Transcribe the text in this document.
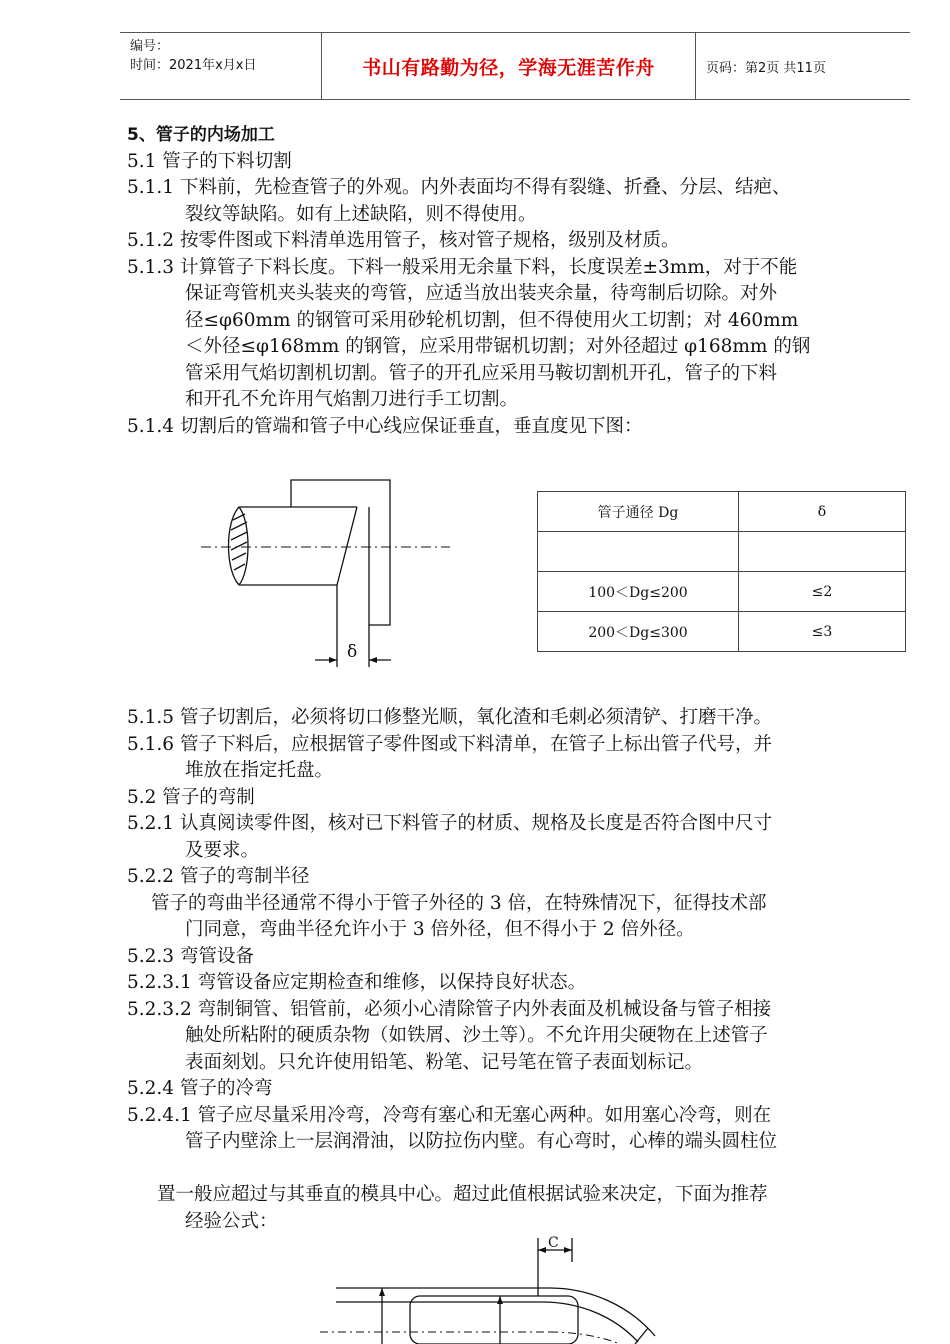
编号：
时间：2021年x月x日	书山有路勤为径，学海无涯苦作舟	页码：第2页 共11页
5、管子的内场加工
5.1 管子的下料切割
5.1.1 下料前，先检查管子的外观。内外表面均不得有裂缝、折叠、分层、结疤、
裂纹等缺陷。如有上述缺陷，则不得使用。
5.1.2 按零件图或下料清单选用管子，核对管子规格，级别及材质。
5.1.3 计算管子下料长度。下料一般采用无余量下料，长度误差±3mm，对于不能
保证弯管机夹头装夹的弯管，应适当放出装夹余量，待弯制后切除。对外
径≤φ60mm 的钢管可采用砂轮机切割，但不得使用火工切割；对 460mm
＜外径≤φ168mm 的钢管，应采用带锯机切割；对外径超过 φ168mm 的钢
管采用气焰切割机切割。管子的开孔应采用马鞍切割机开孔，管子的下料
和开孔不允许用气焰割刀进行手工切割。
5.1.4 切割后的管端和管子中心线应保证垂直，垂直度见下图：
δ
管子通径 Dg	δ

100＜Dg≤200	≤2
200＜Dg≤300	≤3
5.1.5 管子切割后，必须将切口修整光顺，氧化渣和毛刺必须清铲、打磨干净。
5.1.6 管子下料后，应根据管子零件图或下料清单，在管子上标出管子代号，并
堆放在指定托盘。
5.2 管子的弯制
5.2.1 认真阅读零件图，核对已下料管子的材质、规格及长度是否符合图中尺寸
及要求。
5.2.2 管子的弯制半径
管子的弯曲半径通常不得小于管子外径的 3 倍，在特殊情况下，征得技术部
门同意，弯曲半径允许小于 3 倍外径，但不得小于 2 倍外径。
5.2.3 弯管设备
5.2.3.1 弯管设备应定期检查和维修，以保持良好状态。
5.2.3.2 弯制铜管、铝管前，必须小心清除管子内外表面及机械设备与管子相接
触处所粘附的硬质杂物（如铁屑、沙土等）。不允许用尖硬物在上述管子
表面刻划。只允许使用铅笔、粉笔、记号笔在管子表面划标记。
5.2.4 管子的冷弯
5.2.4.1 管子应尽量采用冷弯，冷弯有塞心和无塞心两种。如用塞心冷弯，则在
管子内壁涂上一层润滑油，以防拉伤内壁。有心弯时，心棒的端头圆柱位
置一般应超过与其垂直的模具中心。超过此值根据试验来决定，下面为推荐
经验公式：
C
